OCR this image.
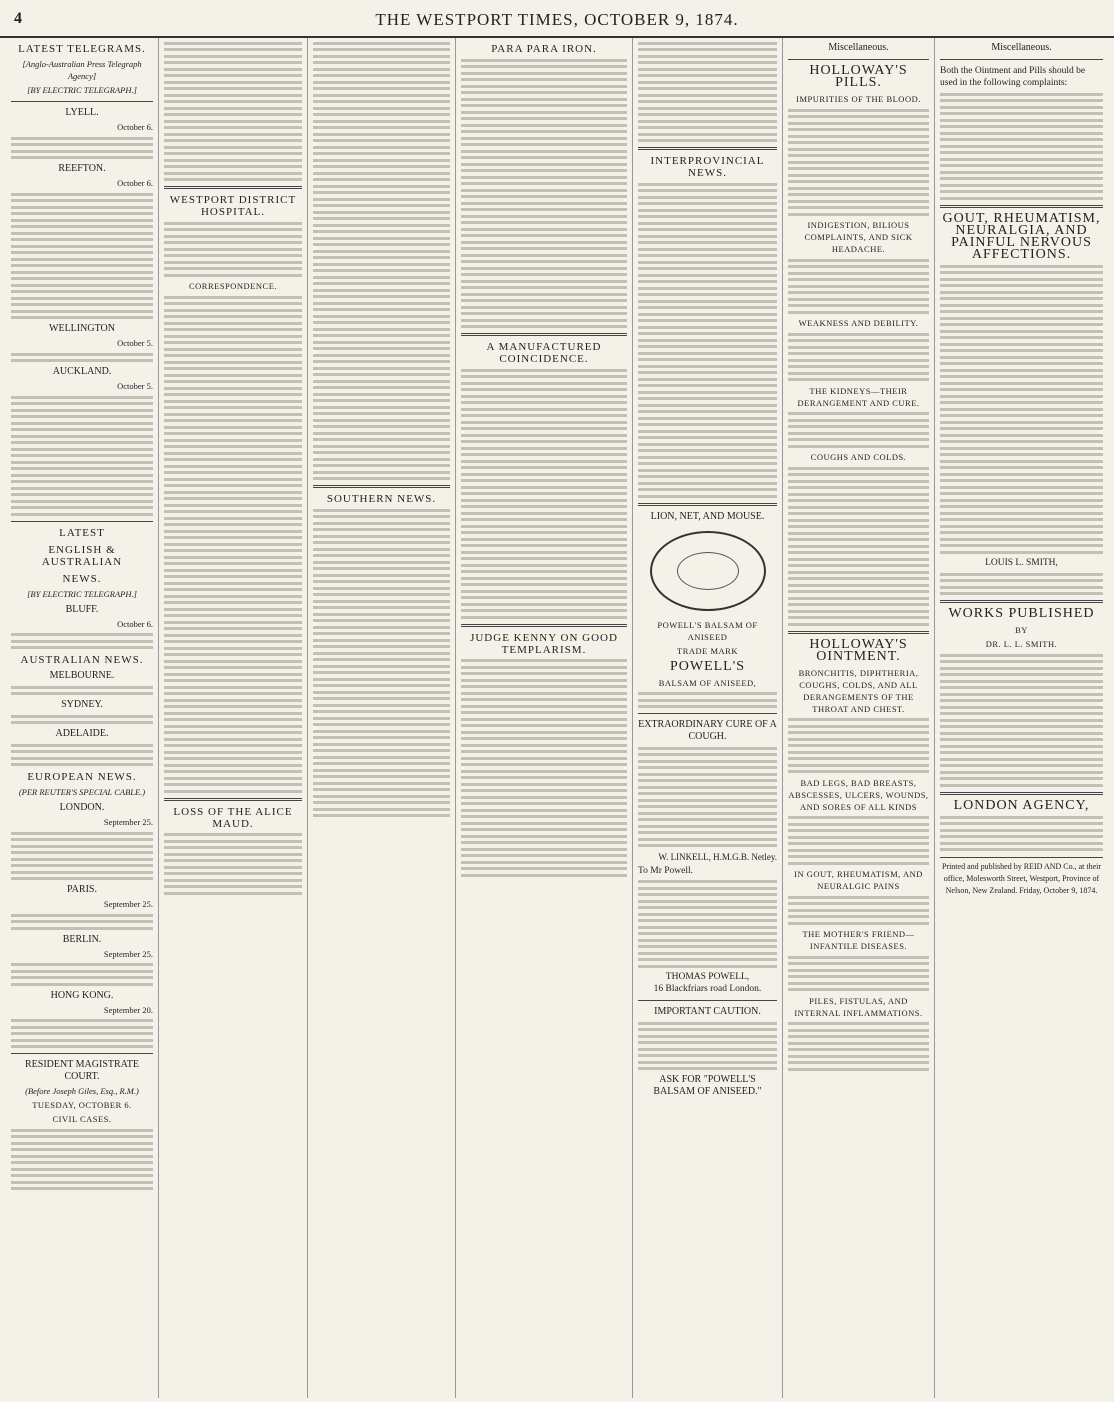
4	THE WESTPORT TIMES, OCTOBER 9, 1874.
LATEST TELEGRAMS.
[Anglo-Australian Press Telegraph Agency]
[BY ELECTRIC TELEGRAPH.]
LYELL.

October 6.

REEFTON.

October 6.

WELLINGTON

October 5.

AUCKLAND.

October 5.

LATEST
ENGLISH & AUSTRALIAN
NEWS.
[BY ELECTRIC TELEGRAPH.]
BLUFF.

October 6.

AUSTRALIAN NEWS.
MELBOURNE.
SYDNEY.
ADELAIDE.
EUROPEAN NEWS.
(PER REUTER'S SPECIAL CABLE.)
LONDON.

September 25.

PARIS.

September 25.

BERLIN.

September 25.

HONG KONG.

September 20.

RESIDENT MAGISTRATE COURT.
(Before Joseph Giles, Esq., R.M.)
TUESDAY, OCTOBER 6.
CIVIL CASES.
WESTPORT DISTRICT HOSPITAL.
CORRESPONDENCE.
LOSS OF THE ALICE MAUD.
SOUTHERN NEWS.
PARA PARA IRON.
A MANUFACTURED COINCIDENCE.
JUDGE KENNY ON GOOD TEMPLARISM.
INTERPROVINCIAL NEWS.
LION, NET, AND MOUSE.
POWELL'S BALSAM OF ANISEED
TRADE MARK
POWELL'S
BALSAM OF ANISEED,
EXTRAORDINARY CURE OF A COUGH.
W. LINKELL, H.M.G.B. Netley.
To Mr Powell.
THOMAS POWELL,
16 Blackfriars road London.
IMPORTANT CAUTION.
ASK FOR "POWELL'S BALSAM OF ANISEED."
Miscellaneous.
HOLLOWAY'S PILLS.
IMPURITIES OF THE BLOOD.
INDIGESTION, BILIOUS COMPLAINTS, AND SICK HEADACHE.
WEAKNESS AND DEBILITY.
THE KIDNEYS—THEIR DERANGEMENT AND CURE.
COUGHS AND COLDS.
HOLLOWAY'S OINTMENT.
BRONCHITIS, DIPHTHERIA, COUGHS, COLDS, AND ALL DERANGEMENTS OF THE THROAT AND CHEST.
BAD LEGS, BAD BREASTS, ABSCESSES, ULCERS, WOUNDS, AND SORES OF ALL KINDS
IN GOUT, RHEUMATISM, AND NEURALGIC PAINS
THE MOTHER'S FRIEND—INFANTILE DISEASES.
PILES, FISTULAS, AND INTERNAL INFLAMMATIONS.
Miscellaneous.
Both the Ointment and Pills should be used in the following complaints:
GOUT, RHEUMATISM, NEURALGIA, AND PAINFUL NERVOUS AFFECTIONS.
LOUIS L. SMITH,
WORKS PUBLISHED
BY
DR. L. L. SMITH.
LONDON AGENCY,
Printed and published by REID AND Co., at their office, Molesworth Street, Westport, Province of Nelson, New Zealand. Friday, October 9, 1874.
